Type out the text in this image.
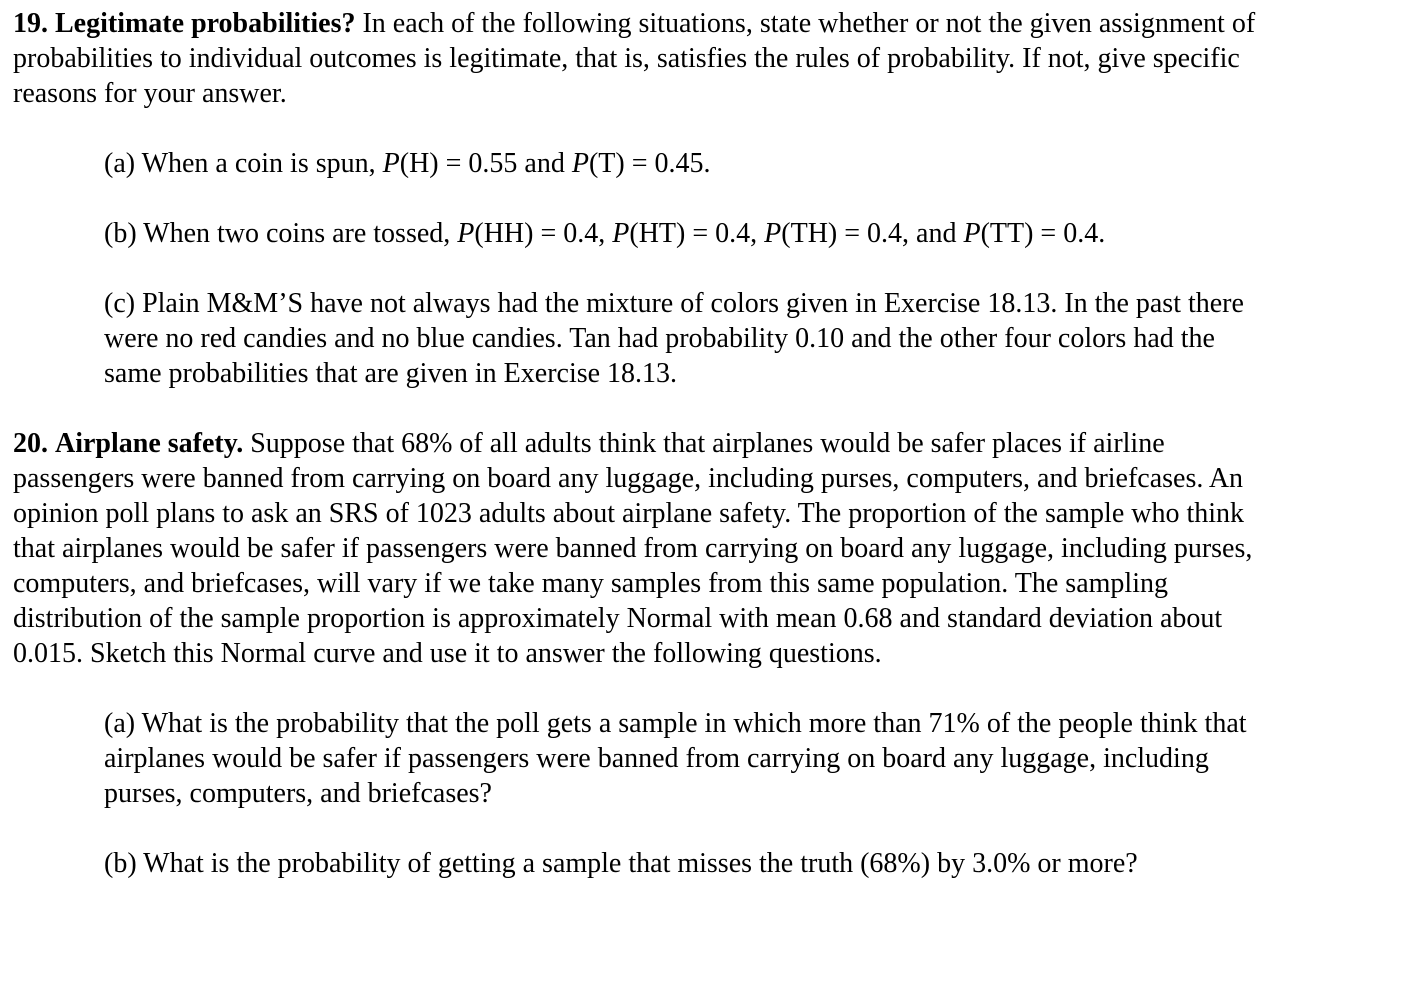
19. Legitimate probabilities? In each of the following situations, state whether or not the given assignment of
probabilities to individual outcomes is legitimate, that is, satisfies the rules of probability. If not, give specific
reasons for your answer.

(a) When a coin is spun, P(H) = 0.55 and P(T) = 0.45.

(b) When two coins are tossed, P(HH) = 0.4, P(HT) = 0.4, P(TH) = 0.4, and P(TT) = 0.4.

(c) Plain M&M’S have not always had the mixture of colors given in Exercise 18.13. In the past there
were no red candies and no blue candies. Tan had probability 0.10 and the other four colors had the
same probabilities that are given in Exercise 18.13.

20. Airplane safety. Suppose that 68% of all adults think that airplanes would be safer places if airline
passengers were banned from carrying on board any luggage, including purses, computers, and briefcases. An
opinion poll plans to ask an SRS of 1023 adults about airplane safety. The proportion of the sample who think
that airplanes would be safer if passengers were banned from carrying on board any luggage, including purses,
computers, and briefcases, will vary if we take many samples from this same population. The sampling
distribution of the sample proportion is approximately Normal with mean 0.68 and standard deviation about
0.015. Sketch this Normal curve and use it to answer the following questions.

(a) What is the probability that the poll gets a sample in which more than 71% of the people think that
airplanes would be safer if passengers were banned from carrying on board any luggage, including
purses, computers, and briefcases?

(b) What is the probability of getting a sample that misses the truth (68%) by 3.0% or more?
